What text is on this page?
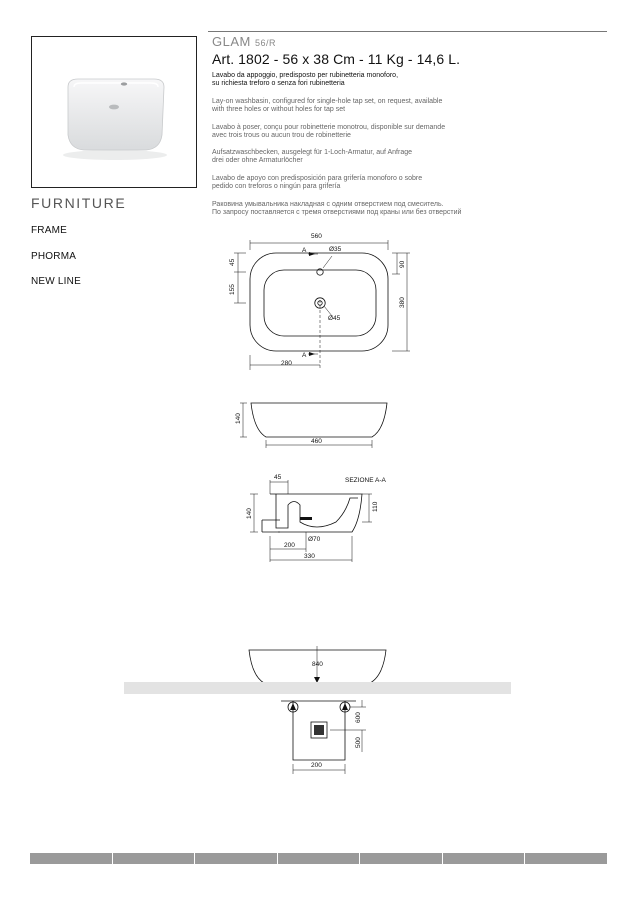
FURNITURE
FRAME
PHORMA
NEW LINE
GLAM 56/R
Art. 1802 - 56 x 38 Cm - 11 Kg - 14,6 L.
Lavabo da appoggio, predisposto per rubinetteria monoforo,
su richiesta treforo o senza fori rubinetteria
Lay-on washbasin, configured for single-hole tap set, on request, available
with three holes or without holes for tap set
Lavabo à poser, conçu pour robinetterie monotrou, disponible sur demande
avec trois trous ou aucun trou de robinetterie
Aufsatzwaschbecken, ausgelegt für 1-Loch-Armatur, auf Anfrage
drei oder ohne Armaturlöcher
Lavabo de apoyo con predisposición para grifería monoforo o sobre
pedido con treforos o ningún para grifería
Раковина умывальника накладная с одним отверстием под смеситель.
По запросу поставляется с тремя отверстиями под краны или без отверстий
560
Ø35
A
A
Ø45
280
45
155
90
380
140
460
SEZIONE A-A
45
140
110
200
Ø70
330
840
600
500
200
